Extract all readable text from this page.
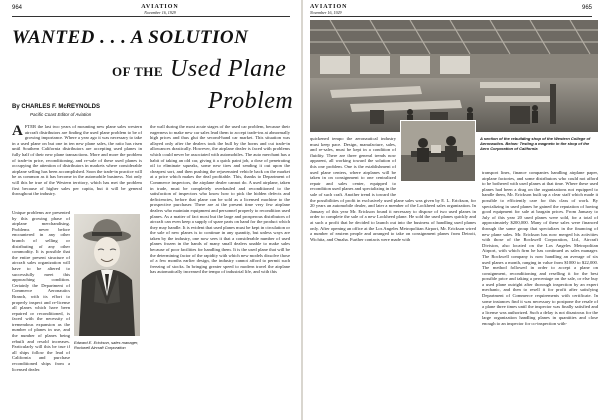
964	AVIATION
November 16, 1929
WANTED . . . A SOLUTION
OF THE Used Plane
Problem
By CHARLES F. McREYNOLDS
Pacific Coast Editor of Aviation
A FTER the last two years of mounting new plane sales western aircraft distributors are finding the used plane problem to be of growing importance. Where a year ago it was necessary to take in a used plane on but one in ten new plane sales, the ratio has risen until Southern California distributors are accepting used planes in fully half of their new plane transactions. More and more the problem of trade-in price, reconditioning, and re-sale of these used planes is occupying the attention of distributors in markets where considerable airplane selling has been accomplished. Soon the trade-in practice will be as common as it has become in the automobile business. Not only will this be true of the Western territory, which has met the problem first because of higher sales per capita, but it will be general throughout the industry.
Unique problems are presented by this growing phase of airplane merchandising. Problems never before encountered in any other branch of selling or distributing of any other commodity. It is possible that the entire present structure of aircraft sales organization will have to be altered to successfully meet this approaching condition. Certainly the Department of Commerce Aeronautics Branch, with its effort to properly inspect and re-license all planes which have been repaired or reconditioned, is faced with the necessity of tremendous expansion as the number of planes in use, and the number of planes being rebuilt and resold increases. Particularly will this be true if all ships follow the lead of California and purchase reconditioned ships from a licensed dealer.
Edward E. Erickson, sales manager, Rockwell Aircraft Corporation
the wall during the most acute stages of the used car problem, because their eagerness to make new car sales lead them to accept trade-ins at abnormally high prices and thus glut the second-hand car market. This situation was allayed only after the dealers took the bull by the horns and cut trade-in allowances drastically. However, the airplane dealer is faced with problems which could never be associated with automobiles. The auto merchant has a habit of taking an old car, giving it a quick paint job, a dose of penetrating oil to eliminate squeaks, some new tires and sending it out upon the cheapest sort, and then pushing the rejuvenated vehicle back on the market at a price which makes the deal profitable. This, thanks to Department of Commerce inspectors, the airplane dealer cannot do. A used airplane, taken in trade, must be completely overhauled and reconditioned to the satisfaction of inspectors who know how to pick the hidden defects and deficiencies, before that plane can be sold as a licensed machine to the prospective purchaser. There are at the present time very few airplane dealers who maintain equipment and personnel properly to recondition used planes. As a matter of fact most but the large and prosperous distributors of aircraft can even keep a supply of spare parts on hand for the product which they may handle. It is evident that used planes must be kept in circulation or the sale of new planes is to continue in any quantity, but unless ways are taken by the industry, one now sees it that a considerable number of used planes frozen in the hands of many small dealers unable to make sales because of poor facilities for handling them. It is the used plane that will be the determining factor of the rapidity with which new models dissolve those of a few months earlier design, the industry cannot afford to permit such freezing of stocks. In bringing greater speed to modern travel the airplane has automatically increased the tempo of industrial life, and with this
AVIATION
November 16, 1929
965
A section of the rebuilding shop of the Western College of Aeronautics. Below: Testing a magneto in the shop of the Aero Corporation of California
quickened tempo the aeronautical industry must keep pace. Design, manufacture, sales, and re-sales, must be kept in a condition of fluidity. There are three general trends now apparent, all working toward the solution of this one problem. One is the establishment of used plane centers, where airplanes will be taken in on consignment to one centralized repair and sales center, equipped to recondition used planes and specializing in the sale of such craft. Another trend is toward the
the possibilities of profit in exclusively used plane sales was given by E. L. Erickson, for 20 years an automobile dealer, and later a member of the Lockheed sales organization. In January of this year Mr. Erickson found it necessary to dispose of two used planes in order to complete the sale of a new Lockheed plane. He sold the used planes quickly and at such a profit that he decided to launch out into the business of handling used planes only. After opening an office at the Los Angeles Metropolitan Airport, Mr. Erickson wired a number of eastern people and arranged to take on consignment planes from Detroit, Wichita, and Omaha. Further contacts were made with
transport lines, finance companies handling airplane paper, airplane factories, and some distributors who could not afford to be bothered with used planes at that time. Where these used planes had been a drag on the organizations not equipped to handle them, Mr. Erickson built up a clear staff which made it possible to efficiently care for this class of work. By specializing in used planes he gained the reputation of having good equipment for sale at bargain prices. From January to July of this year 20 used planes were sold, for a total of approximately $200,000. Many of these sales were financed through the same group that specializes in the financing of new plane sales. Mr. Erickson has now merged his activities with those of the Rockwell Corporation, Ltd., Aircraft Division, also located on the Los Angeles Metropolitan Airport, with which firm he has continued as sales manager. The Rockwell company is now handling an average of six used planes a month, ranging in value from $1000 to $22,000. The method followed in order to accept a plane on consignment, reconditioning and reselling it for the best possible price and taking a percentage on the sale, or else buy a used plane outright after thorough inspection by an expert mechanic, and then to resell it for profit after satisfying Department of Commerce requirements with certificate. In some instances find it was necessary to postpone the resale of a plane three times until the inspector was finally satisfied and a license was authorized. Such a delay is not disastrous for the large organization handling planes in quantities and close enough to an inspector for co-inspection with-
